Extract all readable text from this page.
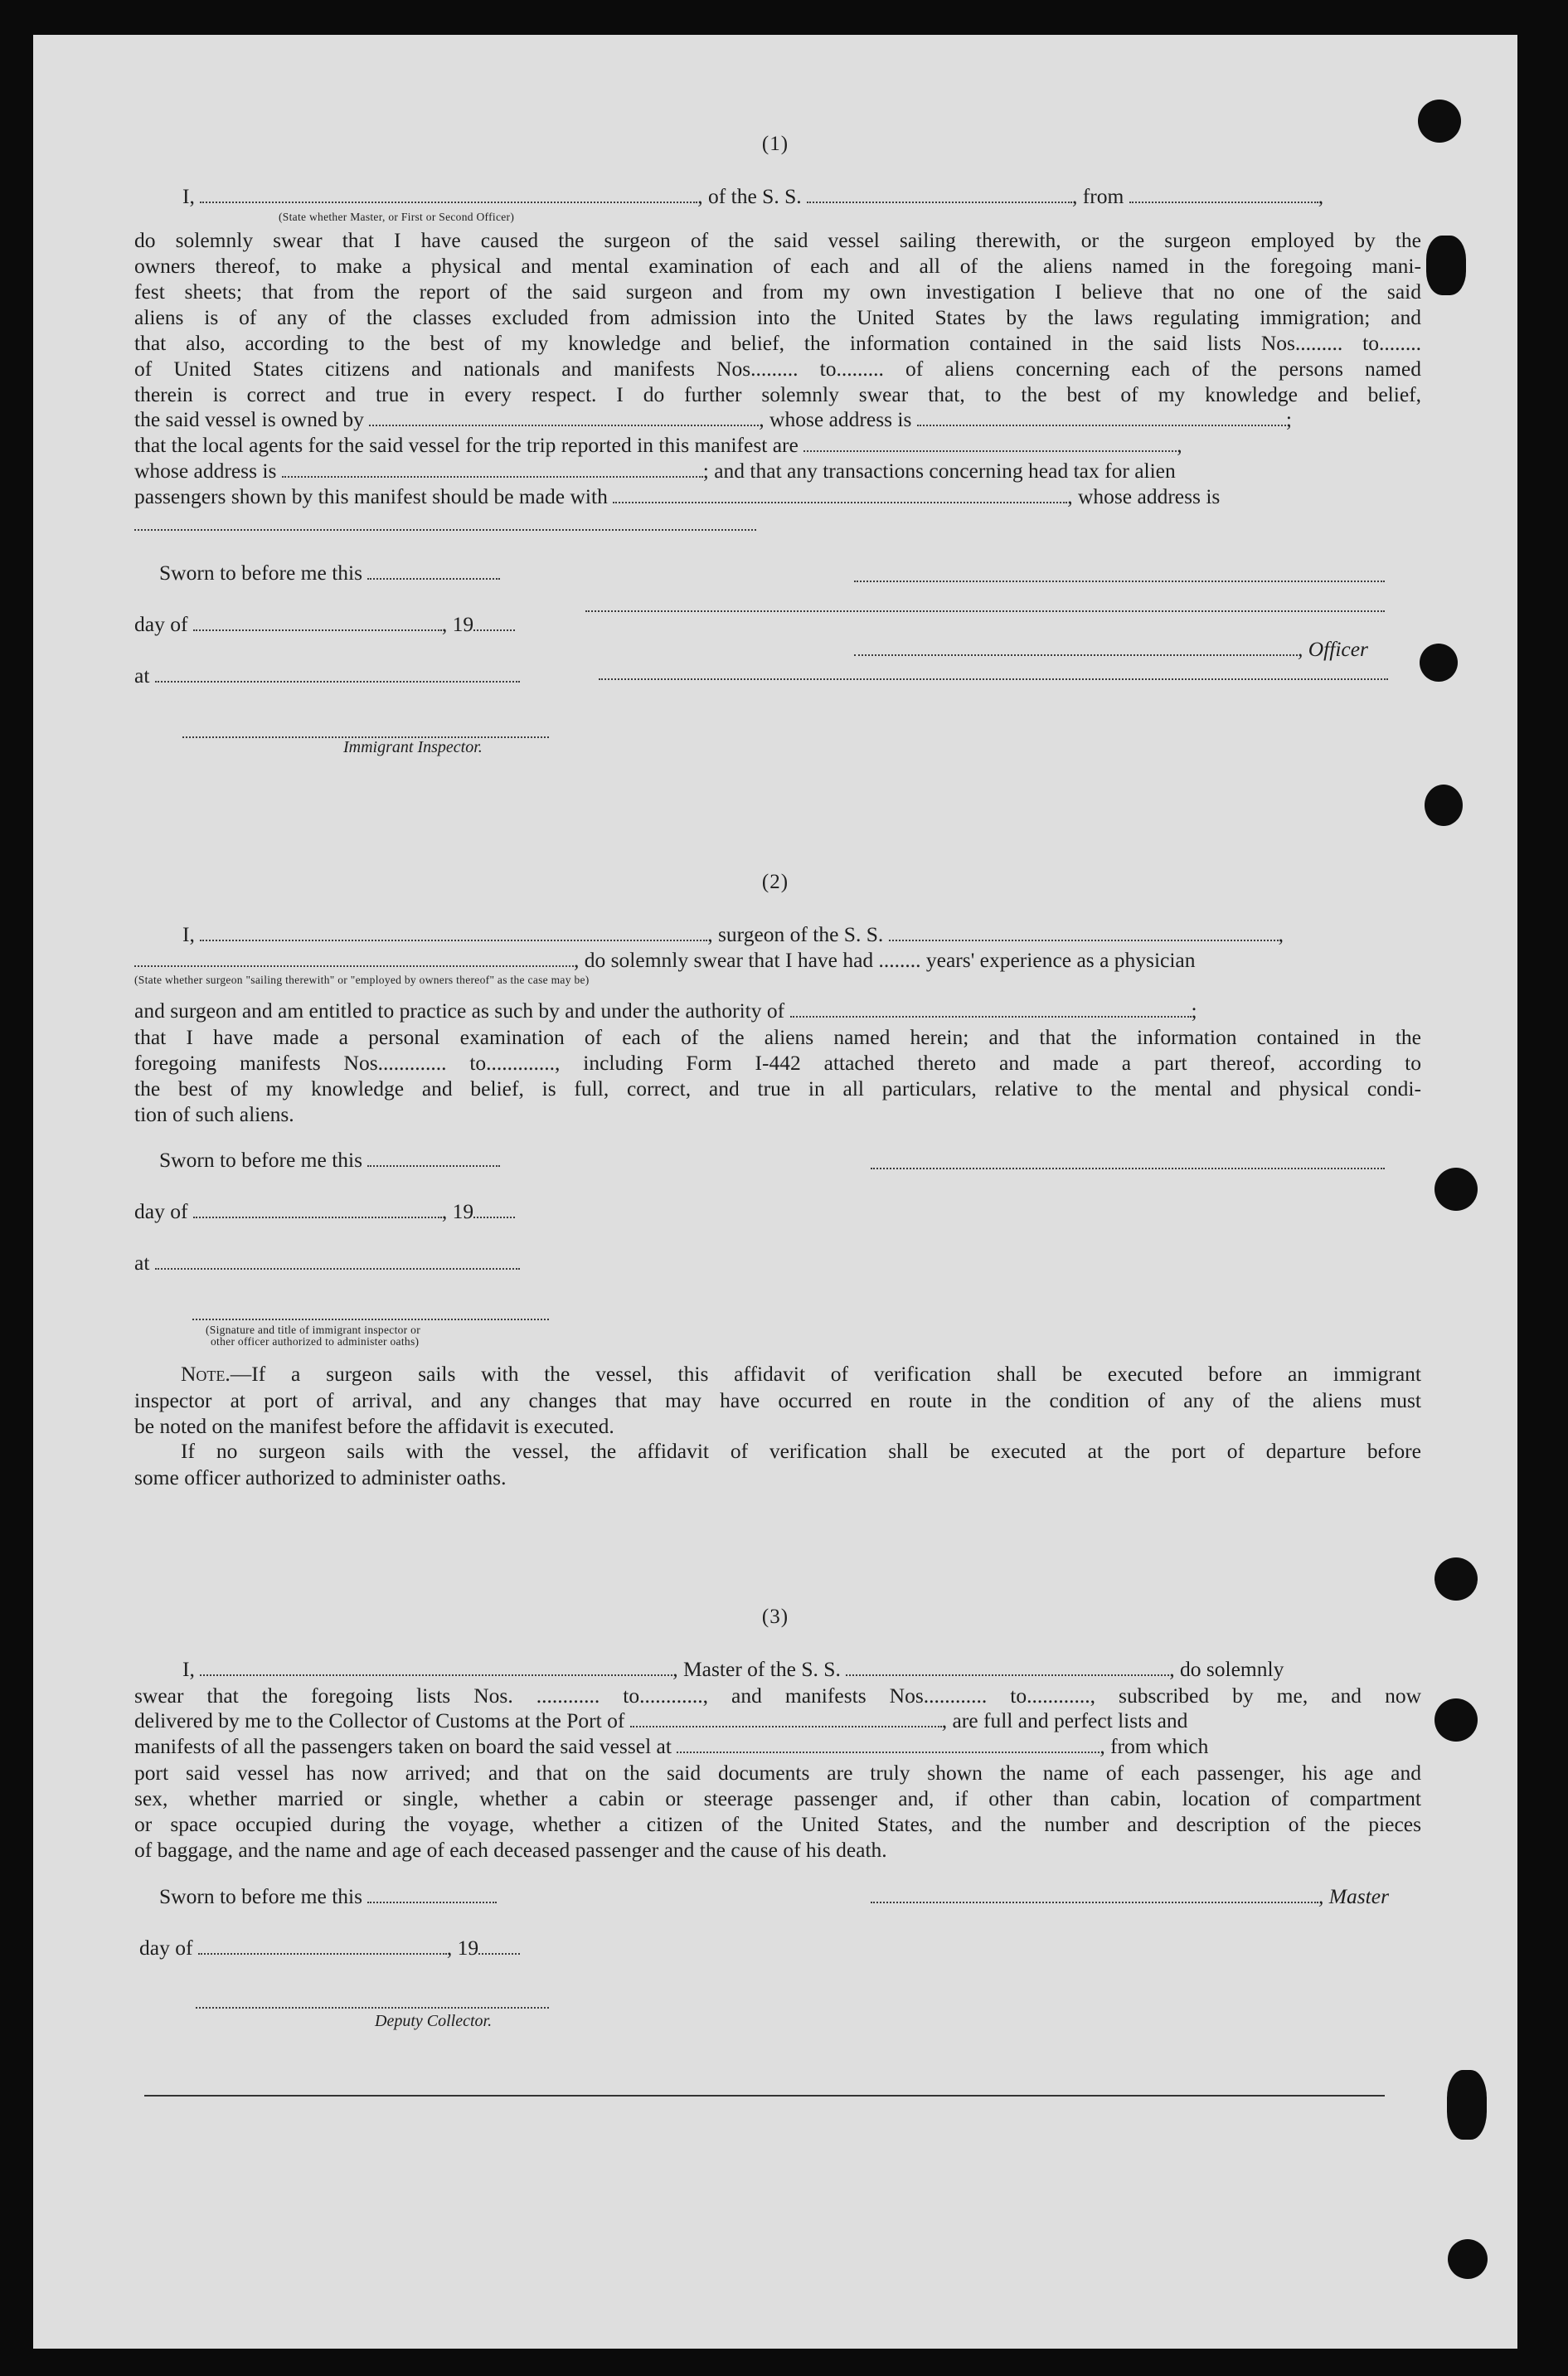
(1)
I,	, of the S. S.	, from	,
(State whether Master, or First or Second Officer)
do solemnly swear that I have caused the surgeon of the said vessel sailing therewith, or the surgeon employed by the
owners thereof, to make a physical and mental examination of each and all of the aliens named in the foregoing mani-
fest sheets; that from the report of the said surgeon and from my own investigation I believe that no one of the said
aliens is of any of the classes excluded from admission into the United States by the laws regulating immigration; and
that also, according to the best of my knowledge and belief, the information contained in the said lists Nos......... to........
of United States citizens and nationals and manifests Nos......... to......... of aliens concerning each of the persons named
therein is correct and true in every respect. I do further solemnly swear that, to the best of my knowledge and belief,
the said vessel is owned by	, whose address is	;
that the local agents for the said vessel for the trip reported in this manifest are	,
whose address is	; and that any transactions concerning head tax for alien
passengers shown by this manifest should be made with	, whose address is
Sworn to before me this
day of	, 19
at
Immigrant Inspector.
, Officer
(2)
I,	, surgeon of the S. S.	,
, do solemnly swear that I have had ........ years' experience as a physician
(State whether surgeon "sailing therewith" or "employed by owners thereof" as the case may be)
and surgeon and am entitled to practice as such by and under the authority of	;
that I have made a personal examination of each of the aliens named herein; and that the information contained in the
foregoing manifests Nos............. to............., including Form I-442 attached thereto and made a part thereof, according to
the best of my knowledge and belief, is full, correct, and true in all particulars, relative to the mental and physical condi-
tion of such aliens.
Sworn to before me this
day of	, 19
at
(Signature and title of immigrant inspector or
other officer authorized to administer oaths)
Note.—If a surgeon sails with the vessel, this affidavit of verification shall be executed before an immigrant
inspector at port of arrival, and any changes that may have occurred en route in the condition of any of the aliens must
be noted on the manifest before the affidavit is executed.
If no surgeon sails with the vessel, the affidavit of verification shall be executed at the port of departure before
some officer authorized to administer oaths.
(3)
I,	, Master of the S. S.	, do solemnly
swear that the foregoing lists Nos. ............ to............, and manifests Nos............ to............, subscribed by me, and now
delivered by me to the Collector of Customs at the Port of	, are full and perfect lists and
manifests of all the passengers taken on board the said vessel at	, from which
port said vessel has now arrived; and that on the said documents are truly shown the name of each passenger, his age and
sex, whether married or single, whether a cabin or steerage passenger and, if other than cabin, location of compartment
or space occupied during the voyage, whether a citizen of the United States, and the number and description of the pieces
of baggage, and the name and age of each deceased passenger and the cause of his death.
Sworn to before me this	, Master
day of	, 19
Deputy Collector.
